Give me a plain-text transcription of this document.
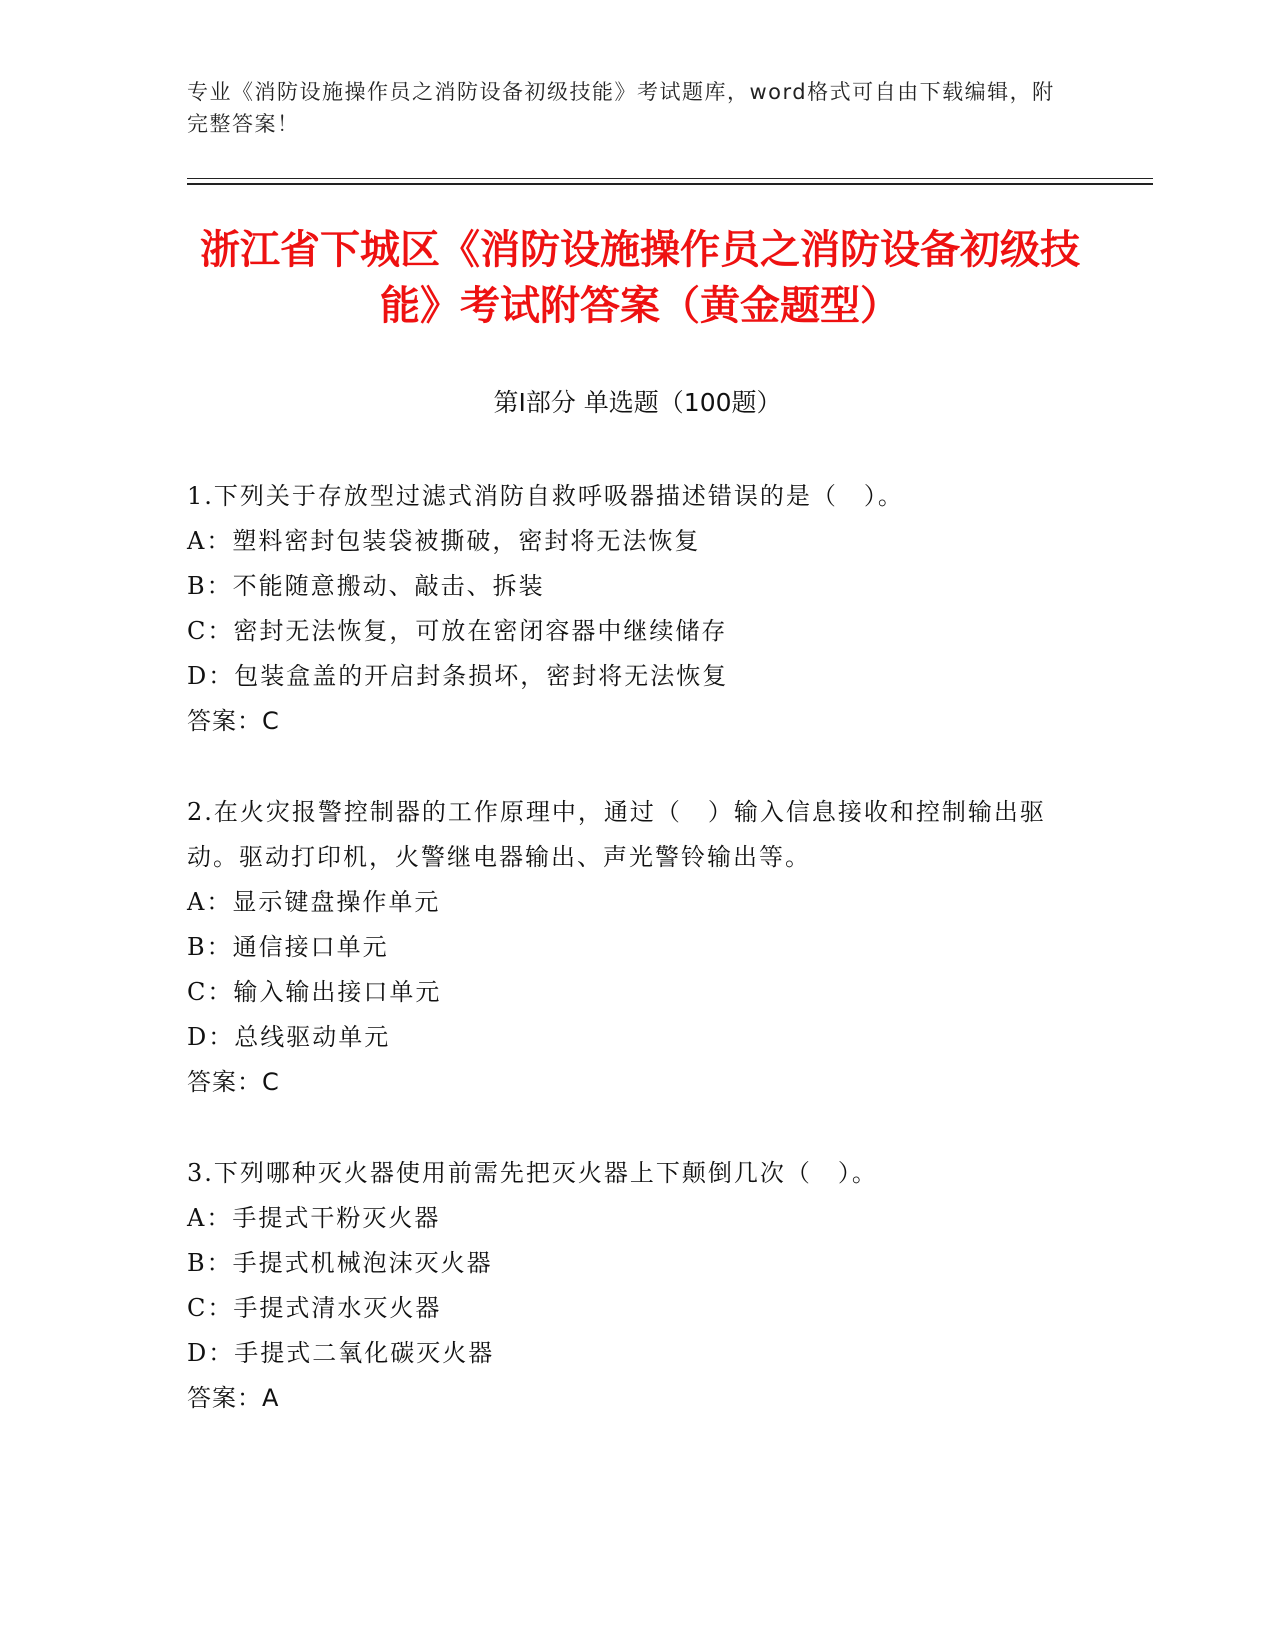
专业《消防设施操作员之消防设备初级技能》考试题库，word格式可自由下载编辑，附完整答案！
浙江省下城区《消防设施操作员之消防设备初级技能》考试附答案（黄金题型）
第Ⅰ部分 单选题（100题）
1.下列关于存放型过滤式消防自救呼吸器描述错误的是（　）。
A：塑料密封包装袋被撕破，密封将无法恢复
B：不能随意搬动、敲击、拆装
C：密封无法恢复，可放在密闭容器中继续储存
D：包装盒盖的开启封条损坏，密封将无法恢复
答案：C
2.在火灾报警控制器的工作原理中，通过（　）输入信息接收和控制输出驱动。驱动打印机，火警继电器输出、声光警铃输出等。
A：显示键盘操作单元
B：通信接口单元
C：输入输出接口单元
D：总线驱动单元
答案：C
3.下列哪种灭火器使用前需先把灭火器上下颠倒几次（　）。
A：手提式干粉灭火器
B：手提式机械泡沫灭火器
C：手提式清水灭火器
D：手提式二氧化碳灭火器
答案：A
